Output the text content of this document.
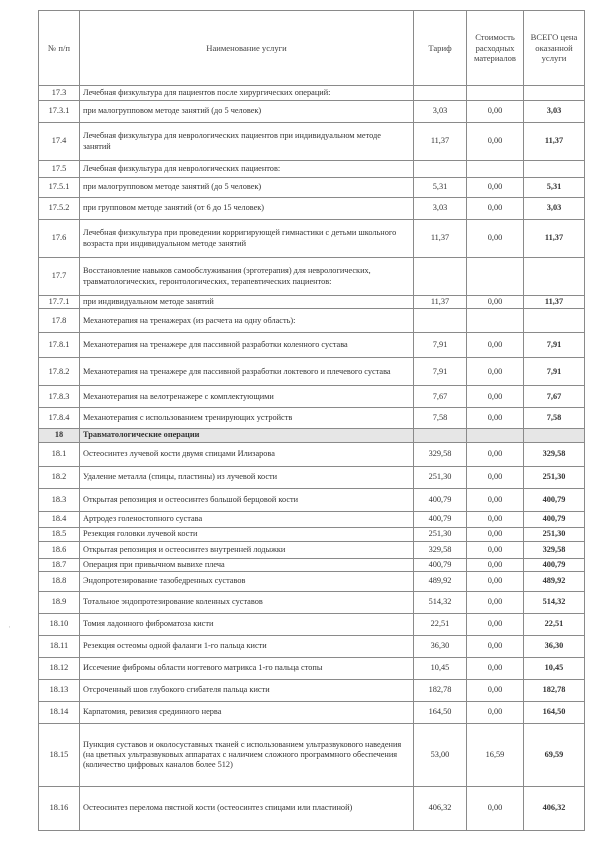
№ п/п	Наименование услуги	Тариф	Стоимость расходных материалов	ВСЕГО цена оказанной услуги
17.3	Лечебная физкультура для пациентов после хирургических операций:			
17.3.1	при малогрупповом методе занятий (до 5 человек)	3,03	0,00	3,03
17.4	Лечебная физкультура для неврологических пациентов при индивидуальном методе занятий	11,37	0,00	11,37
17.5	Лечебная физкультура для неврологических пациентов:			
17.5.1	при малогрупповом методе занятий (до 5 человек)	5,31	0,00	5,31
17.5.2	при групповом методе занятий (от 6 до 15 человек)	3,03	0,00	3,03
17.6	Лечебная физкультура при проведении корригирующей гимнастики с детьми школьного возраста при индивидуальном методе занятий	11,37	0,00	11,37
17.7	Восстановление навыков самообслуживания (эрготерапия) для неврологических, травматологических, геронтологических, терапевтических пациентов:			
17.7.1	при индивидуальном методе занятий	11,37	0,00	11,37
17.8	Механотерапия на тренажерах (из расчета на одну область):			
17.8.1	Механотерапия на тренажере для пассивной разработки коленного сустава	7,91	0,00	7,91
17.8.2	Механотерапия на тренажере для пассивной разработки локтевого и плечевого сустава	7,91	0,00	7,91
17.8.3	Механотерапия на велотренажере с комплектующими	7,67	0,00	7,67
17.8.4	Механотерапия с использованием тренирующих устройств	7,58	0,00	7,58
18	Травматологические операции			
18.1	Остеосинтез лучевой кости двумя спицами Илизарова	329,58	0,00	329,58
18.2	Удаление металла (спицы, пластины) из лучевой кости	251,30	0,00	251,30
18.3	Открытая репозиция и остеосинтез большой берцовой кости	400,79	0,00	400,79
18.4	Артродез голеностопного сустава	400,79	0,00	400,79
18.5	Резекция головки лучевой кости	251,30	0,00	251,30
18.6	Открытая репозиция и остеосинтез внутренней лодыжки	329,58	0,00	329,58
18.7	Операция при привычном вывихе плеча	400,79	0,00	400,79
18.8	Эндопротезирование тазобедренных суставов	489,92	0,00	489,92
18.9	Тотальное эндопротезирование коленных суставов	514,32	0,00	514,32
18.10	Томия ладонного фиброматоза кисти	22,51	0,00	22,51
18.11	Резекция остеомы одной фаланги 1-го пальца кисти	36,30	0,00	36,30
18.12	Иссечение фибромы области ногтевого матрикса 1-го пальца стопы	10,45	0,00	10,45
18.13	Отсроченный шов глубокого сгибателя пальца кисти	182,78	0,00	182,78
18.14	Карпатомия, ревизия срединного нерва	164,50	0,00	164,50
18.15	Пункция суставов и околосуставных тканей с использованием ультразвукового наведения (на цветных ультразвуковых аппаратах с наличием сложного программного обеспечения (количество цифровых каналов более 512)	53,00	16,59	69,59
18.16	Остеосинтез перелома пястной кости (остеосинтез спицами или пластиной)	406,32	0,00	406,32
·
